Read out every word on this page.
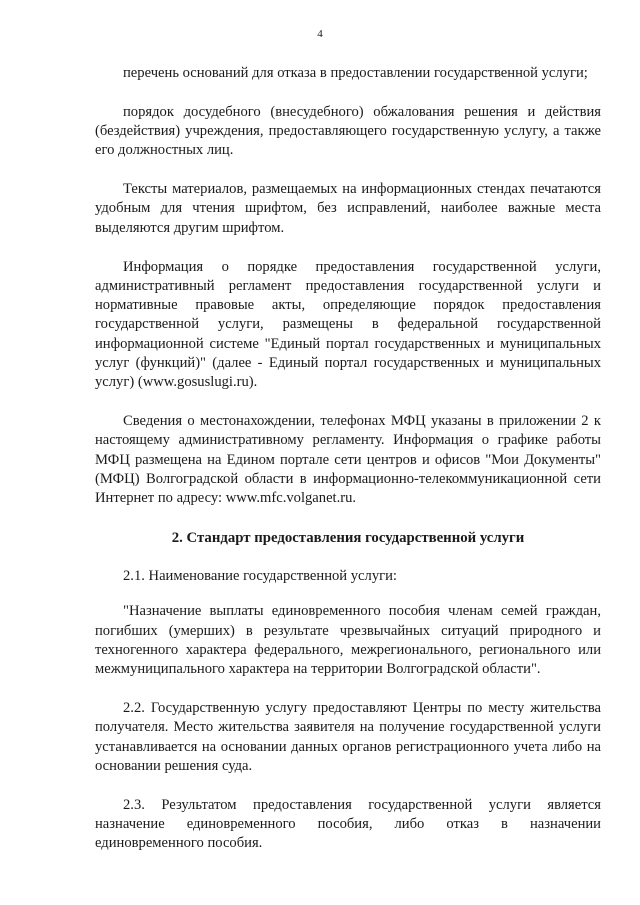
4

перечень оснований для отказа в предоставлении государственной услуги;

порядок досудебного (внесудебного) обжалования решения и действия (бездействия) учреждения, предоставляющего государственную услугу, а также его должностных лиц.

Тексты материалов, размещаемых на информационных стендах печатаются удобным для чтения шрифтом, без исправлений, наиболее важные места выделяются другим шрифтом.

Информация о порядке предоставления государственной услуги, административный регламент предоставления государственной услуги и нормативные правовые акты, определяющие порядок предоставления государственной услуги, размещены в федеральной государственной информационной системе "Единый портал государственных и муниципальных услуг (функций)" (далее - Единый портал государственных и муниципальных услуг) (www.gosuslugi.ru).

Сведения о местонахождении, телефонах МФЦ указаны в приложении 2 к настоящему административному регламенту. Информация о графике работы МФЦ размещена на Едином портале сети центров и офисов "Мои Документы" (МФЦ) Волгоградской области в информационно-телекоммуникационной сети Интернет по адресу: www.mfc.volganet.ru.

2. Стандарт предоставления государственной услуги

2.1. Наименование государственной услуги:

"Назначение выплаты единовременного пособия членам семей граждан, погибших (умерших) в результате чрезвычайных ситуаций природного и техногенного характера федерального, межрегионального, регионального или межмуниципального характера на территории Волгоградской области".

2.2. Государственную услугу предоставляют Центры по месту жительства получателя. Место жительства заявителя на получение государственной услуги устанавливается на основании данных органов регистрационного учета либо на основании решения суда.

2.3. Результатом предоставления государственной услуги является назначение единовременного пособия, либо отказ в назначении единовременного пособия.
